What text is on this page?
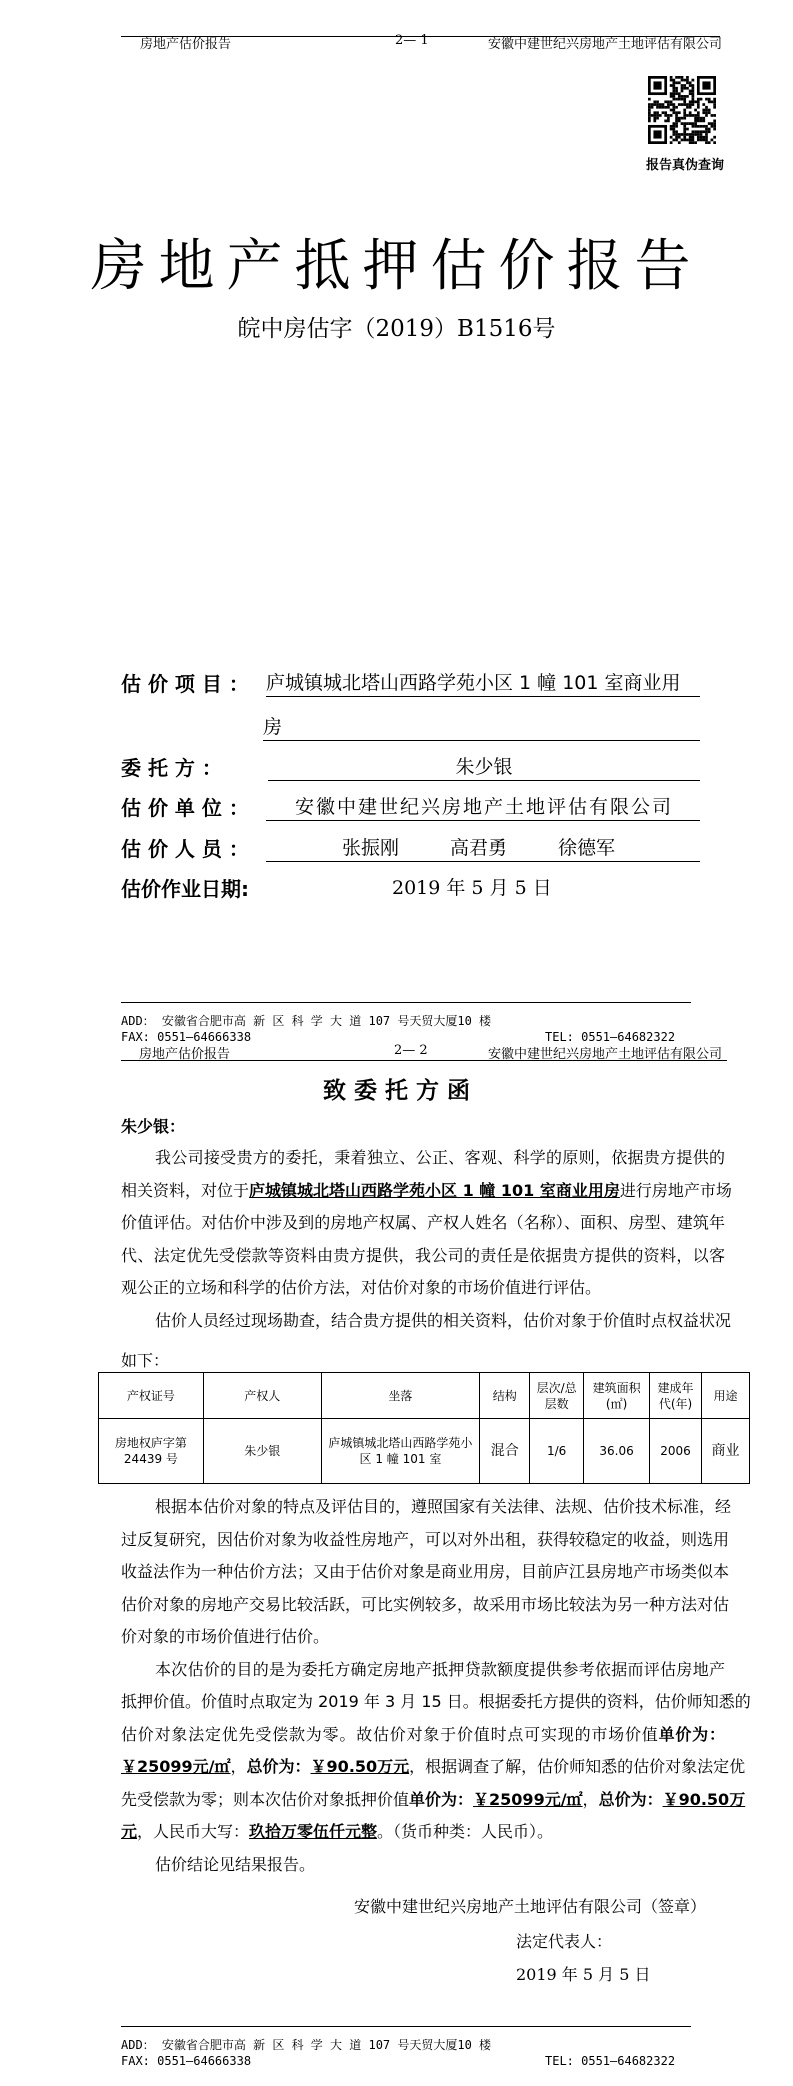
房地产估价报告	2— 1	安徽中建世纪兴房地产土地评估有限公司
报告真伪查询
房地产抵押估价报告
皖中房估字（2019）B1516号
估 价 项 目 ： 庐城镇城北塔山西路学苑小区 1 幢 101 室商业用
房
委 托 方 ：	朱少银
估 价 单 位 ：	安徽中建世纪兴房地产土地评估有限公司
估 价 人 员 ：	张振刚	高君勇	徐德军
估价作业日期:	2019 年 5 月 5 日
ADD： 安徽省合肥市高 新 区 科 学 大 道 107 号天贸大厦10 楼
FAX: 0551—64666338	TEL: 0551—64682322
房地产估价报告	2— 2	安徽中建世纪兴房地产土地评估有限公司
致 委 托 方 函
朱少银：
我公司接受贵方的委托，秉着独立、公正、客观、科学的原则，依据贵方提供的
相关资料，对位于庐城镇城北塔山西路学苑小区 1 幢 101 室商业用房进行房地产市场
价值评估。对估价中涉及到的房地产权属、产权人姓名（名称）、面积、房型、建筑年
代、法定优先受偿款等资料由贵方提供，我公司的责任是依据贵方提供的资料，以客
观公正的立场和科学的估价方法，对估价对象的市场价值进行评估。
估价人员经过现场勘查，结合贵方提供的相关资料，估价对象于价值时点权益状况
如下：
产权证号	产权人	坐落	结构	层次/总层数	建筑面积(㎡)	建成年代(年)	用途
房地权庐字第 24439 号	朱少银	庐城镇城北塔山西路学苑小区 1 幢 101 室	混合	1/6	36.06	2006	商业
根据本估价对象的特点及评估目的，遵照国家有关法律、法规、估价技术标准，经
过反复研究，因估价对象为收益性房地产，可以对外出租，获得较稳定的收益，则选用
收益法作为一种估价方法；又由于估价对象是商业用房，目前庐江县房地产市场类似本
估价对象的房地产交易比较活跃，可比实例较多，故采用市场比较法为另一种方法对估
价对象的市场价值进行估价。
本次估价的目的是为委托方确定房地产抵押贷款额度提供参考依据而评估房地产
抵押价值。价值时点取定为 2019 年 3 月 15 日。根据委托方提供的资料，估价师知悉的
估价对象法定优先受偿款为零。故估价对象于价值时点可实现的市场价值单价为：
￥25099元/㎡，总价为：￥90.50万元，根据调查了解，估价师知悉的估价对象法定优
先受偿款为零；则本次估价对象抵押价值单价为：￥25099元/㎡，总价为：￥90.50万
元，人民币大写：玖拾万零伍仟元整。（货币种类：人民币）。
估价结论见结果报告。
安徽中建世纪兴房地产土地评估有限公司（签章）
法定代表人：
2019 年 5 月 5 日
ADD： 安徽省合肥市高 新 区 科 学 大 道 107 号天贸大厦10 楼
FAX: 0551—64666338	TEL: 0551—64682322
